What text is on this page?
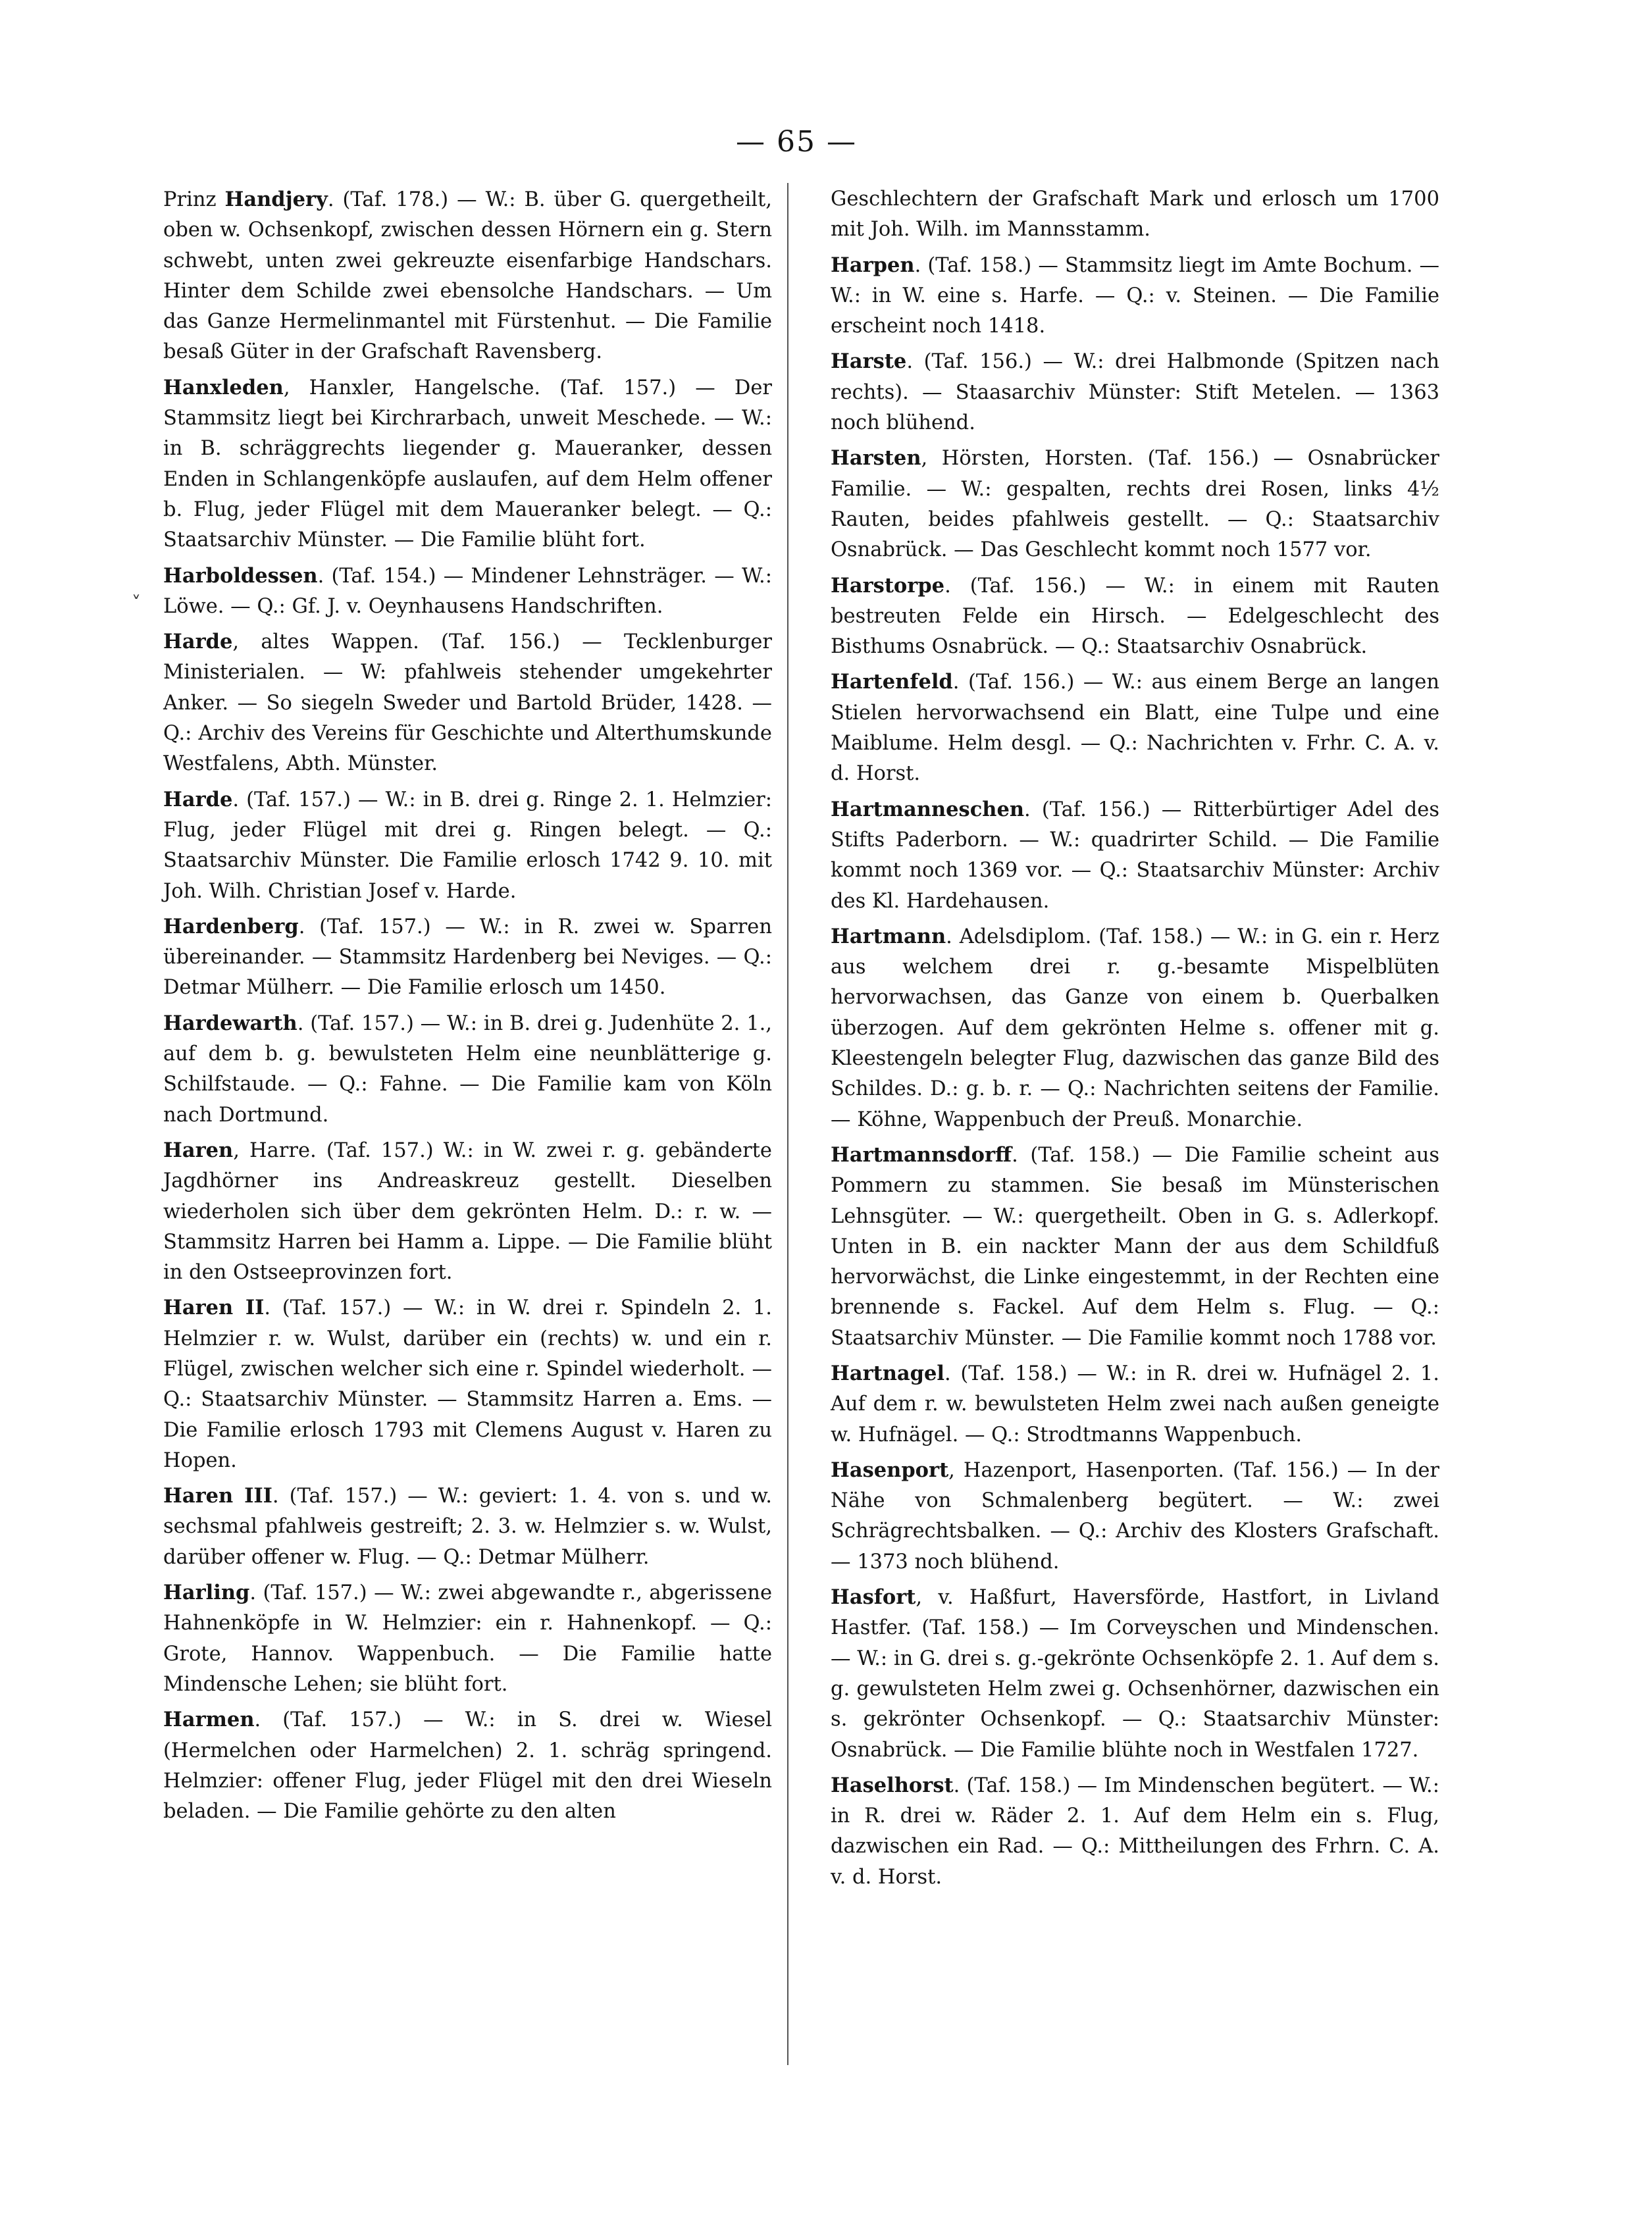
— 65 —
˅

Prinz Handjery. (Taf. 178.) — W.: B. über G. quergetheilt, oben w. Ochsenkopf, zwischen dessen Hörnern ein g. Stern schwebt, unten zwei gekreuzte eisenfarbige Handschars. Hinter dem Schilde zwei ebensolche Handschars. — Um das Ganze Hermelinmantel mit Fürstenhut. — Die Familie besaß Güter in der Grafschaft Ravensberg.

Hanxleden, Hanxler, Hangelsche. (Taf. 157.) — Der Stammsitz liegt bei Kirchrarbach, unweit Meschede. — W.: in B. schräggrechts liegender g. Maueranker, dessen Enden in Schlangenköpfe auslaufen, auf dem Helm offener b. Flug, jeder Flügel mit dem Maueranker belegt. — Q.: Staatsarchiv Münster. — Die Familie blüht fort.

Harboldessen. (Taf. 154.) — Mindener Lehnsträger. — W.: Löwe. — Q.: Gf. J. v. Oeynhausens Handschriften.

Harde, altes Wappen. (Taf. 156.) — Tecklenburger Ministerialen. — W: pfahlweis stehender umgekehrter Anker. — So siegeln Sweder und Bartold Brüder, 1428. — Q.: Archiv des Vereins für Geschichte und Alterthumskunde Westfalens, Abth. Münster.

Harde. (Taf. 157.) — W.: in B. drei g. Ringe 2. 1. Helmzier: Flug, jeder Flügel mit drei g. Ringen belegt. — Q.: Staatsarchiv Münster. Die Familie erlosch 1742 9. 10. mit Joh. Wilh. Christian Josef v. Harde.

Hardenberg. (Taf. 157.) — W.: in R. zwei w. Sparren übereinander. — Stammsitz Hardenberg bei Neviges. — Q.: Detmar Mülherr. — Die Familie erlosch um 1450.

Hardewarth. (Taf. 157.) — W.: in B. drei g. Judenhüte 2. 1., auf dem b. g. bewulsteten Helm eine neunblätterige g. Schilfstaude. — Q.: Fahne. — Die Familie kam von Köln nach Dortmund.

Haren, Harre. (Taf. 157.) W.: in W. zwei r. g. gebänderte Jagdhörner ins Andreaskreuz gestellt. Dieselben wiederholen sich über dem gekrönten Helm. D.: r. w. — Stammsitz Harren bei Hamm a. Lippe. — Die Familie blüht in den Ostseeprovinzen fort.

Haren II. (Taf. 157.) — W.: in W. drei r. Spindeln 2. 1. Helmzier r. w. Wulst, darüber ein (rechts) w. und ein r. Flügel, zwischen welcher sich eine r. Spindel wiederholt. — Q.: Staatsarchiv Münster. — Stammsitz Harren a. Ems. — Die Familie erlosch 1793 mit Clemens August v. Haren zu Hopen.

Haren III. (Taf. 157.) — W.: geviert: 1. 4. von s. und w. sechsmal pfahlweis gestreift; 2. 3. w. Helmzier s. w. Wulst, darüber offener w. Flug. — Q.: Detmar Mülherr.

Harling. (Taf. 157.) — W.: zwei abgewandte r., abgerissene Hahnenköpfe in W. Helmzier: ein r. Hahnenkopf. — Q.: Grote, Hannov. Wappenbuch. — Die Familie hatte Mindensche Lehen; sie blüht fort.

Harmen. (Taf. 157.) — W.: in S. drei w. Wiesel (Hermelchen oder Harmelchen) 2. 1. schräg springend. Helmzier: offener Flug, jeder Flügel mit den drei Wieseln beladen. — Die Familie gehörte zu den alten

Geschlechtern der Grafschaft Mark und erlosch um 1700 mit Joh. Wilh. im Mannsstamm.

Harpen. (Taf. 158.) — Stammsitz liegt im Amte Bochum. — W.: in W. eine s. Harfe. — Q.: v. Steinen. — Die Familie erscheint noch 1418.

Harste. (Taf. 156.) — W.: drei Halbmonde (Spitzen nach rechts). — Staasarchiv Münster: Stift Metelen. — 1363 noch blühend.

Harsten, Hörsten, Horsten. (Taf. 156.) — Osnabrücker Familie. — W.: gespalten, rechts drei Rosen, links 4½ Rauten, beides pfahlweis gestellt. — Q.: Staatsarchiv Osnabrück. — Das Geschlecht kommt noch 1577 vor.

Harstorpe. (Taf. 156.) — W.: in einem mit Rauten bestreuten Felde ein Hirsch. — Edelgeschlecht des Bisthums Osnabrück. — Q.: Staatsarchiv Osnabrück.

Hartenfeld. (Taf. 156.) — W.: aus einem Berge an langen Stielen hervorwachsend ein Blatt, eine Tulpe und eine Maiblume. Helm desgl. — Q.: Nachrichten v. Frhr. C. A. v. d. Horst.

Hartmanneschen. (Taf. 156.) — Ritterbürtiger Adel des Stifts Paderborn. — W.: quadrirter Schild. — Die Familie kommt noch 1369 vor. — Q.: Staatsarchiv Münster: Archiv des Kl. Hardehausen.

Hartmann. Adelsdiplom. (Taf. 158.) — W.: in G. ein r. Herz aus welchem drei r. g.-besamte Mispelblüten hervorwachsen, das Ganze von einem b. Querbalken überzogen. Auf dem gekrönten Helme s. offener mit g. Kleestengeln belegter Flug, dazwischen das ganze Bild des Schildes. D.: g. b. r. — Q.: Nachrichten seitens der Familie. — Köhne, Wappenbuch der Preuß. Monarchie.

Hartmannsdorff. (Taf. 158.) — Die Familie scheint aus Pommern zu stammen. Sie besaß im Münsterischen Lehnsgüter. — W.: quergetheilt. Oben in G. s. Adlerkopf. Unten in B. ein nackter Mann der aus dem Schildfuß hervorwächst, die Linke eingestemmt, in der Rechten eine brennende s. Fackel. Auf dem Helm s. Flug. — Q.: Staatsarchiv Münster. — Die Familie kommt noch 1788 vor.

Hartnagel. (Taf. 158.) — W.: in R. drei w. Hufnägel 2. 1. Auf dem r. w. bewulsteten Helm zwei nach außen geneigte w. Hufnägel. — Q.: Strodtmanns Wappenbuch.

Hasenport, Hazenport, Hasenporten. (Taf. 156.) — In der Nähe von Schmalenberg begütert. — W.: zwei Schrägrechtsbalken. — Q.: Archiv des Klosters Grafschaft. — 1373 noch blühend.

Hasfort, v. Haßfurt, Haversförde, Hastfort, in Livland Hastfer. (Taf. 158.) — Im Corveyschen und Mindenschen. — W.: in G. drei s. g.-gekrönte Ochsenköpfe 2. 1. Auf dem s. g. gewulsteten Helm zwei g. Ochsenhörner, dazwischen ein s. gekrönter Ochsenkopf. — Q.: Staatsarchiv Münster: Osnabrück. — Die Familie blühte noch in Westfalen 1727.

Haselhorst. (Taf. 158.) — Im Mindenschen begütert. — W.: in R. drei w. Räder 2. 1. Auf dem Helm ein s. Flug, dazwischen ein Rad. — Q.: Mittheilungen des Frhrn. C. A. v. d. Horst.
